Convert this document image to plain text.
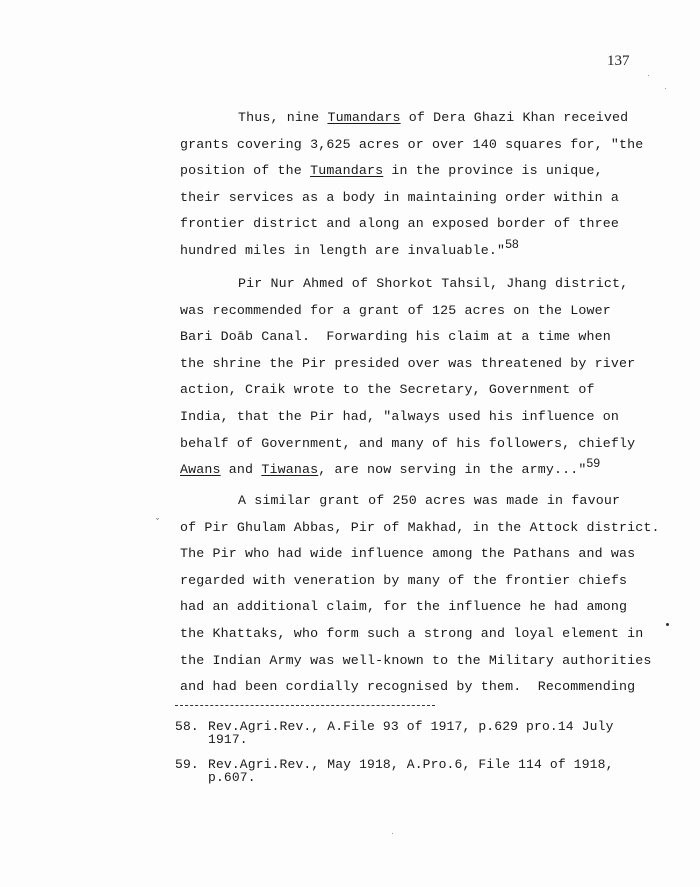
137
Thus, nine Tumandars of Dera Ghazi Khan received
grants covering 3,625 acres or over 140 squares for, "the
position of the Tumandars in the province is unique,
their services as a body in maintaining order within a
frontier district and along an exposed border of three
hundred miles in length are invaluable."$^{58}$
Pir Nur Ahmed of Shorkot Tahsil, Jhang district,
was recommended for a grant of 125 acres on the Lower
Bari Doāb Canal.  Forwarding his claim at a time when
the shrine the Pir presided over was threatened by river
action, Craik wrote to the Secretary, Government of
India, that the Pir had, "always used his influence on
behalf of Government, and many of his followers, chiefly
Awans and Tiwanas, are now serving in the army..."$^{59}$
A similar grant of 250 acres was made in favour
of Pir Ghulam Abbas, Pir of Makhad, in the Attock district.
The Pir who had wide influence among the Pathans and was
regarded with veneration by many of the frontier chiefs
had an additional claim, for the influence he had among
the Khattaks, who form such a strong and loyal element in
the Indian Army was well-known to the Military authorities
and had been cordially recognised by them.  Recommending
58. Rev.Agri.Rev., A.File 93 of 1917, p.629 pro.14 July
1917.
59. Rev.Agri.Rev., May 1918, A.Pro.6, File 114 of 1918,
p.607.
ˇ
